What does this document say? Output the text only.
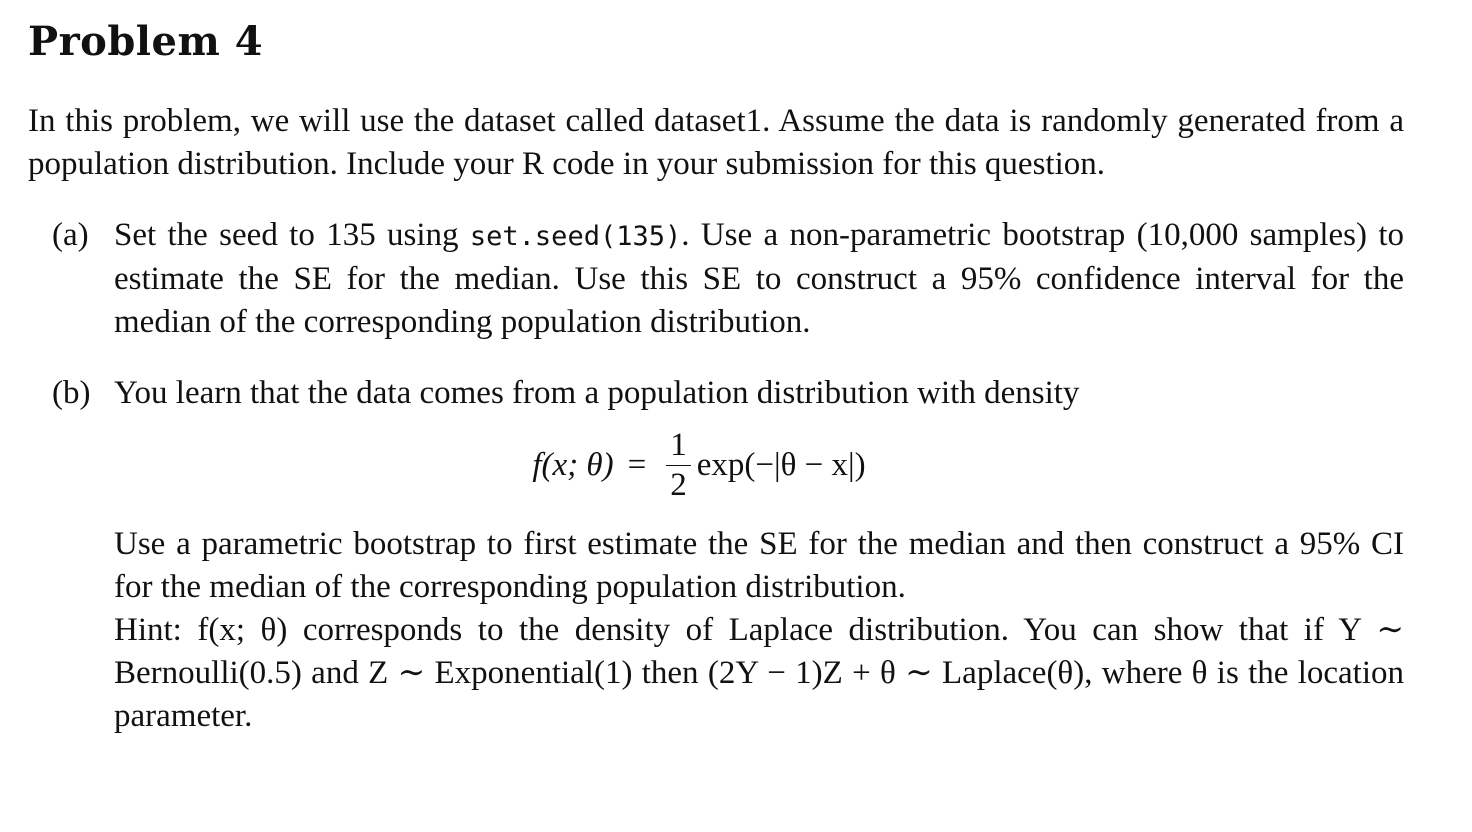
Problem 4

In this problem, we will use the dataset called dataset1. Assume the data is randomly generated from a population distribution. Include your R code in your submission for this question.

(a) Set the seed to 135 using set.seed(135). Use a non-parametric bootstrap (10,000 samples) to estimate the SE for the median. Use this SE to construct a 95% confidence interval for the median of the corresponding population distribution.
(b) You learn that the data comes from a population distribution with density

f(x; $\theta) = \frac{1}{2} \exp(-|\theta - x|)$

Use a parametric bootstrap to first estimate the SE for the median and then construct a 95% CI for the median of the corresponding population distribution.

Hint: f(x; θ) corresponds to the density of Laplace distribution. You can show that if Y ∼ Bernoulli(0.5) and Z ∼ Exponential(1) then (2Y − 1)Z + θ ∼ Laplace(θ), where θ is the location parameter.
